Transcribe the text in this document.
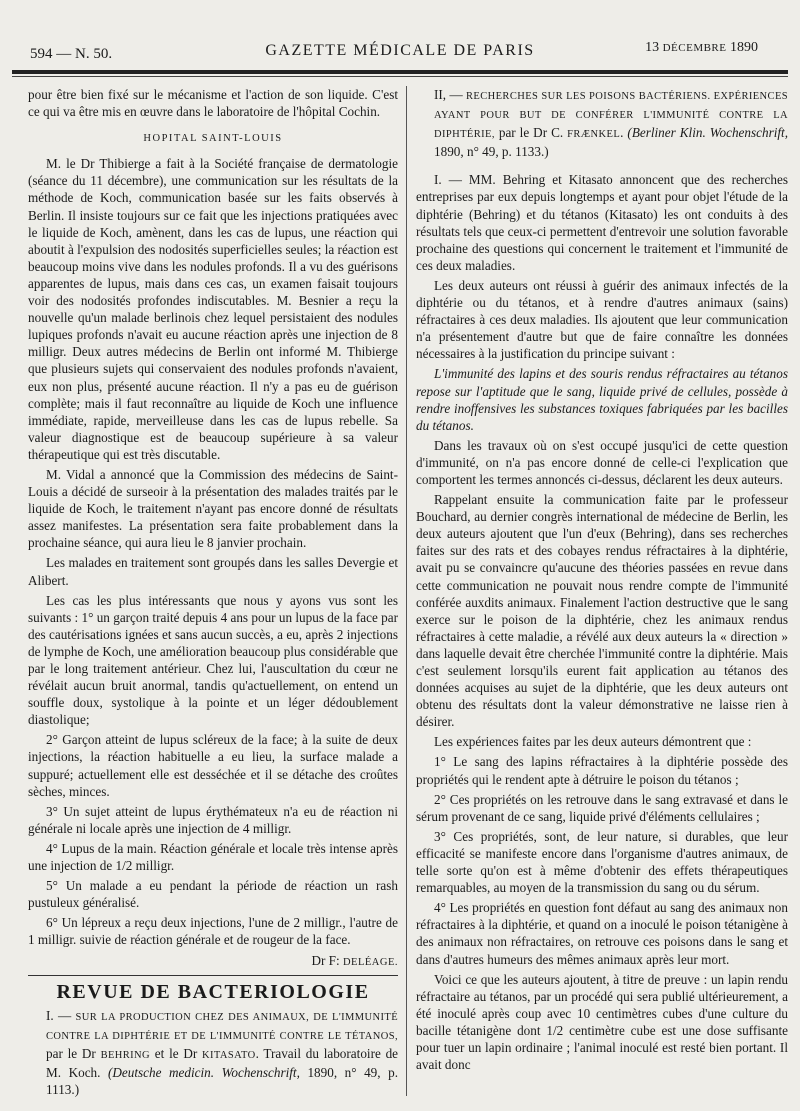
594 — N. 50.	GAZETTE MÉDICALE DE PARIS	13 DÉCEMBRE 1890

pour être bien fixé sur le mécanisme et l'action de son liquide. C'est ce qui va être mis en œuvre dans le laboratoire de l'hôpital Cochin.

HOPITAL SAINT-LOUIS

M. le Dr Thibierge a fait à la Société française de dermatologie (séance du 11 décembre), une communication sur les résultats de la méthode de Koch, communication basée sur les faits observés à Berlin. Il insiste toujours sur ce fait que les injections pratiquées avec le liquide de Koch, amènent, dans les cas de lupus, une réaction qui aboutit à l'expulsion des nodosités superficielles seules; la réaction est beaucoup moins vive dans les nodules profonds. Il a vu des guérisons apparentes de lupus, mais dans ces cas, un examen faisait toujours voir des nodosités profondes indiscutables. M. Besnier a reçu la nouvelle qu'un malade berlinois chez lequel persistaient des nodules lupiques profonds n'avait eu aucune réaction après une injection de 8 milligr. Deux autres médecins de Berlin ont informé M. Thibierge que plusieurs sujets qui conservaient des nodules profonds n'avaient, eux non plus, présenté aucune réaction. Il n'y a pas eu de guérison complète; mais il faut reconnaître au liquide de Koch une influence immédiate, rapide, merveilleuse dans les cas de lupus rebelle. Sa valeur diagnostique est de beaucoup supérieure à sa valeur thérapeutique qui est très discutable.

M. Vidal a annoncé que la Commission des médecins de Saint-Louis a décidé de surseoir à la présentation des malades traités par le liquide de Koch, le traitement n'ayant pas encore donné de résultats assez manifestes. La présentation sera faite probablement dans la prochaine séance, qui aura lieu le 8 janvier prochain.

Les malades en traitement sont groupés dans les salles Devergie et Alibert.

Les cas les plus intéressants que nous y ayons vus sont les suivants : 1° un garçon traité depuis 4 ans pour un lupus de la face par des cautérisations ignées et sans aucun succès, a eu, après 2 injections de lymphe de Koch, une amélioration beaucoup plus considérable que par le long traitement antérieur. Chez lui, l'auscultation du cœur ne révélait aucun bruit anormal, tandis qu'actuellement, on entend un souffle doux, systolique à la pointe et un léger dédoublement diastolique;

2° Garçon atteint de lupus scléreux de la face; à la suite de deux injections, la réaction habituelle a eu lieu, la surface malade a suppuré; actuellement elle est desséchée et il se détache des croûtes sèches, minces.

3° Un sujet atteint de lupus érythémateux n'a eu de réaction ni générale ni locale après une injection de 4 milligr.

4° Lupus de la main. Réaction générale et locale très intense après une injection de 1/2 milligr.

5° Un malade a eu pendant la période de réaction un rash pustuleux généralisé.

6° Un lépreux a reçu deux injections, l'une de 2 milligr., l'autre de 1 milligr. suivie de réaction générale et de rougeur de la face.

Dr F: DELÉAGE.

REVUE DE BACTERIOLOGIE

I. — SUR LA PRODUCTION CHEZ DES ANIMAUX, DE L'IMMUNITÉ CONTRE LA DIPHTÉRIE ET DE L'IMMUNITÉ CONTRE LE TÉTANOS, par le Dr BEHRING et le Dr KITASATO. Travail du laboratoire de M. Koch. (Deutsche medicin. Wochenschrift, 1890, n° 49, p. 1113.)

II, — RECHERCHES SUR LES POISONS BACTÉRIENS. EXPÉRIENCES AYANT POUR BUT DE CONFÉRER L'IMMUNITÉ CONTRE LA DIPHTÉRIE, par le Dr C. FRÆNKEL. (Berliner Klin. Wochenschrift, 1890, n° 49, p. 1133.)

I. — MM. Behring et Kitasato annoncent que des recherches entreprises par eux depuis longtemps et ayant pour objet l'étude de la diphtérie (Behring) et du tétanos (Kitasato) les ont conduits à des résultats tels que ceux-ci permettent d'entrevoir une solution favorable prochaine des questions qui concernent le traitement et l'immunité de ces deux maladies.

Les deux auteurs ont réussi à guérir des animaux infectés de la diphtérie ou du tétanos, et à rendre d'autres animaux (sains) réfractaires à ces deux maladies. Ils ajoutent que leur communication n'a présentement d'autre but que de faire connaître les données nécessaires à la justification du principe suivant :

L'immunité des lapins et des souris rendus réfractaires au tétanos repose sur l'aptitude que le sang, liquide privé de cellules, possède à rendre inoffensives les substances toxiques fabriquées par les bacilles du tétanos.

Dans les travaux où on s'est occupé jusqu'ici de cette question d'immunité, on n'a pas encore donné de celle-ci l'explication que comportent les termes annoncés ci-dessus, déclarent les deux auteurs.

Rappelant ensuite la communication faite par le professeur Bouchard, au dernier congrès international de médecine de Berlin, les deux auteurs ajoutent que l'un d'eux (Behring), dans ses recherches faites sur des rats et des cobayes rendus réfractaires à la diphtérie, avait pu se convaincre qu'aucune des théories passées en revue dans cette communication ne pouvait nous rendre compte de l'immunité conférée auxdits animaux. Finalement l'action destructive que le sang exerce sur le poison de la diphtérie, chez les animaux rendus réfractaires à cette maladie, a révélé aux deux auteurs la « direction » dans laquelle devait être cherchée l'immunité contre la diphtérie. Mais c'est seulement lorsqu'ils eurent fait application au tétanos des données acquises au sujet de la diphtérie, que les deux auteurs ont obtenu des résultats dont la valeur démonstrative ne laisse rien à désirer.

Les expériences faites par les deux auteurs démontrent que :

1° Le sang des lapins réfractaires à la diphtérie possède des propriétés qui le rendent apte à détruire le poison du tétanos ;

2° Ces propriétés on les retrouve dans le sang extravasé et dans le sérum provenant de ce sang, liquide privé d'éléments cellulaires ;

3° Ces propriétés, sont, de leur nature, si durables, que leur efficacité se manifeste encore dans l'organisme d'autres animaux, de telle sorte qu'on est à même d'obtenir des effets thérapeutiques remarquables, au moyen de la transmission du sang ou du sérum.

4° Les propriétés en question font défaut au sang des animaux non réfractaires à la diphtérie, et quand on a inoculé le poison tétanigène à des animaux non réfractaires, on retrouve ces poisons dans le sang et dans d'autres humeurs des mêmes animaux après leur mort.

Voici ce que les auteurs ajoutent, à titre de preuve : un lapin rendu réfractaire au tétanos, par un procédé qui sera publié ultérieurement, a été inoculé après coup avec 10 centimètres cubes d'une culture du bacille tétanigène dont 1/2 centimètre cube est une dose suffisante pour tuer un lapin ordinaire ; l'animal inoculé est resté bien portant. Il avait donc
